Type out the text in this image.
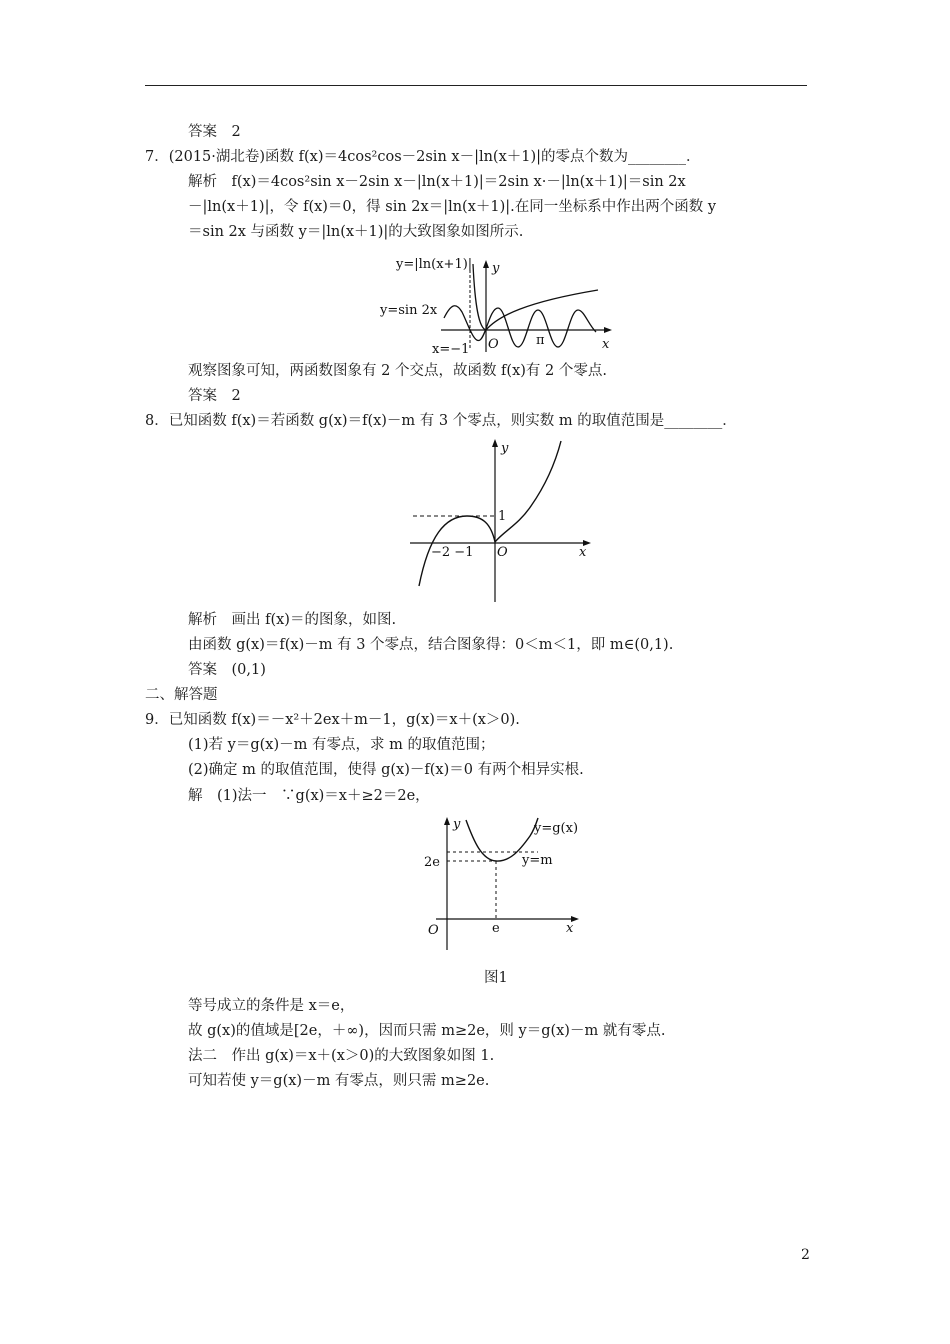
答案　2
7．(2015·湖北卷)函数 f(x)＝4cos²cos－2sin x－|ln(x＋1)|的零点个数为________．
解析　f(x)＝4cos²sin x－2sin x－|ln(x＋1)|＝2sin x·－|ln(x＋1)|＝sin 2x
－|ln(x＋1)|，令 f(x)＝0，得 sin 2x＝|ln(x＋1)|.在同一坐标系中作出两个函数 y
＝sin 2x 与函数 y＝|ln(x＋1)|的大致图象如图所示.
y=|ln(x+1)|
y=sin 2x
x=−1
y
x
O	π
观察图象可知，两函数图象有 2 个交点，故函数 f(x)有 2 个零点.
答案　2
8．已知函数 f(x)＝若函数 g(x)＝f(x)－m 有 3 个零点，则实数 m 的取值范围是________．
1
−2 −1 O
y
x
解析　画出 f(x)＝的图象，如图.
由函数 g(x)＝f(x)－m 有 3 个零点，结合图象得：0＜m＜1，即 m∈(0,1).
答案　(0,1)
二、解答题
9．已知函数 f(x)＝－x²＋2ex＋m－1，g(x)＝x＋(x＞0).
(1)若 y＝g(x)－m 有零点，求 m 的取值范围；
(2)确定 m 的取值范围，使得 g(x)－f(x)＝0 有两个相异实根.
解　(1)法一　∵g(x)＝x＋≥2＝2e，
y=g(x)
y=m
2e
e
O
y
x
图1
等号成立的条件是 x＝e，
故 g(x)的值域是[2e，＋∞)，因而只需 m≥2e，则 y＝g(x)－m 就有零点.
法二　作出 g(x)＝x＋(x＞0)的大致图象如图 1.
可知若使 y＝g(x)－m 有零点，则只需 m≥2e.
2
